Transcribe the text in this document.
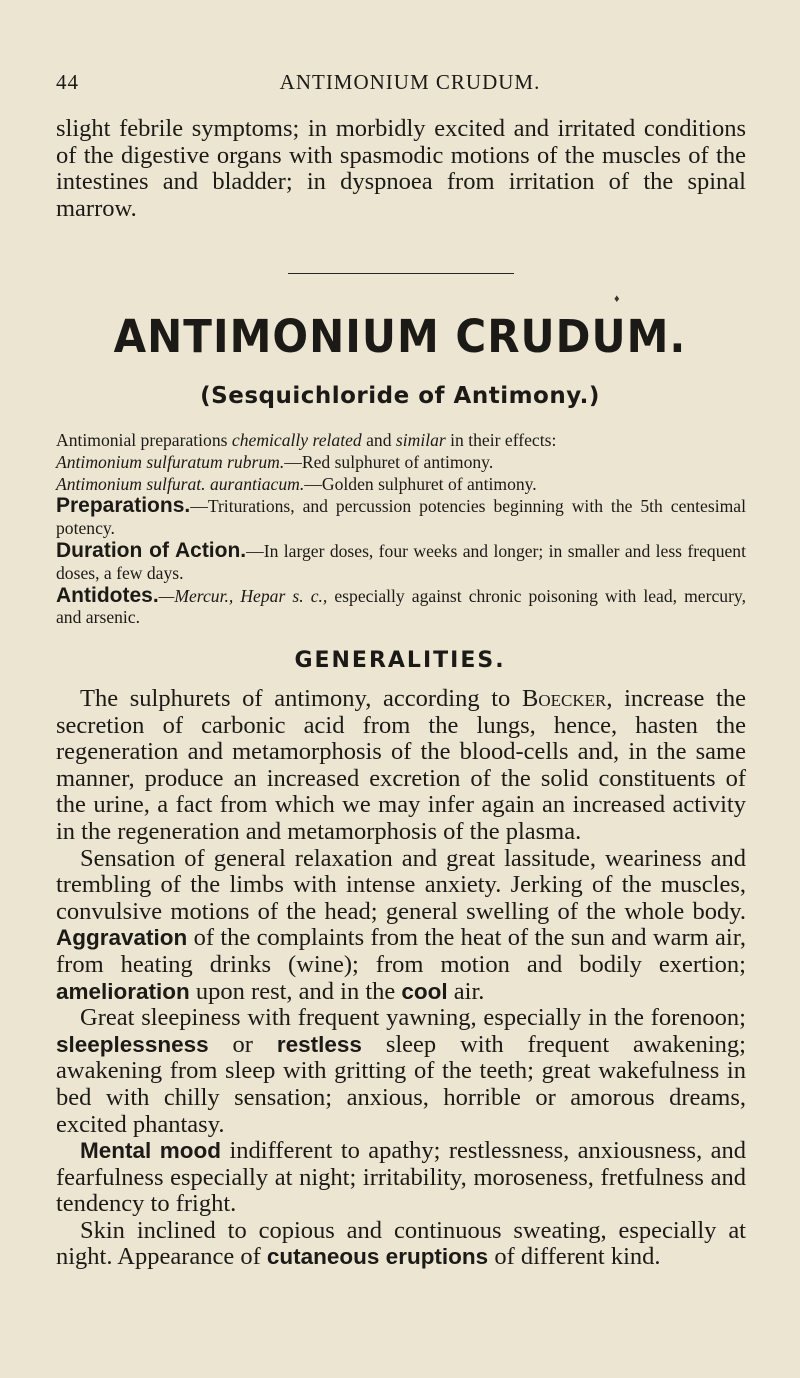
44	ANTIMONIUM CRUDUM.

slight febrile symptoms; in morbidly excited and irritated conditions of the digestive organs with spasmodic motions of the muscles of the intestines and bladder; in dyspnoea from irritation of the spinal marrow.

♦
ANTIMONIUM CRUDUM.
(Sesquichloride of Antimony.)

Antimonial preparations chemically related and similar in their effects:

Antimonium sulfuratum rubrum.—Red sulphuret of antimony.

Antimonium sulfurat. aurantiacum.—Golden sulphuret of antimony.

Preparations.—Triturations, and percussion potencies beginning with the 5th centesimal potency.

Duration of Action.—In larger doses, four weeks and longer; in smaller and less frequent doses, a few days.

Antidotes.—Mercur., Hepar s. c., especially against chronic poisoning with lead, mercury, and arsenic.

GENERALITIES.

The sulphurets of antimony, according to Boecker, increase the secretion of carbonic acid from the lungs, hence, hasten the regeneration and metamorphosis of the blood-cells and, in the same manner, produce an increased excretion of the solid constituents of the urine, a fact from which we may infer again an increased activity in the regeneration and metamorphosis of the plasma.

Sensation of general relaxation and great lassitude, weariness and trembling of the limbs with intense anxiety. Jerking of the muscles, convulsive motions of the head; general swelling of the whole body. Aggravation of the complaints from the heat of the sun and warm air, from heating drinks (wine); from motion and bodily exertion; amelioration upon rest, and in the cool air.

Great sleepiness with frequent yawning, especially in the forenoon; sleeplessness or restless sleep with frequent awakening; awakening from sleep with gritting of the teeth; great wakefulness in bed with chilly sensation; anxious, horrible or amorous dreams, excited phantasy.

Mental mood indifferent to apathy; restlessness, anxiousness, and fearfulness especially at night; irritability, moroseness, fretfulness and tendency to fright.

Skin inclined to copious and continuous sweating, especially at night. Appearance of cutaneous eruptions of different kind.
